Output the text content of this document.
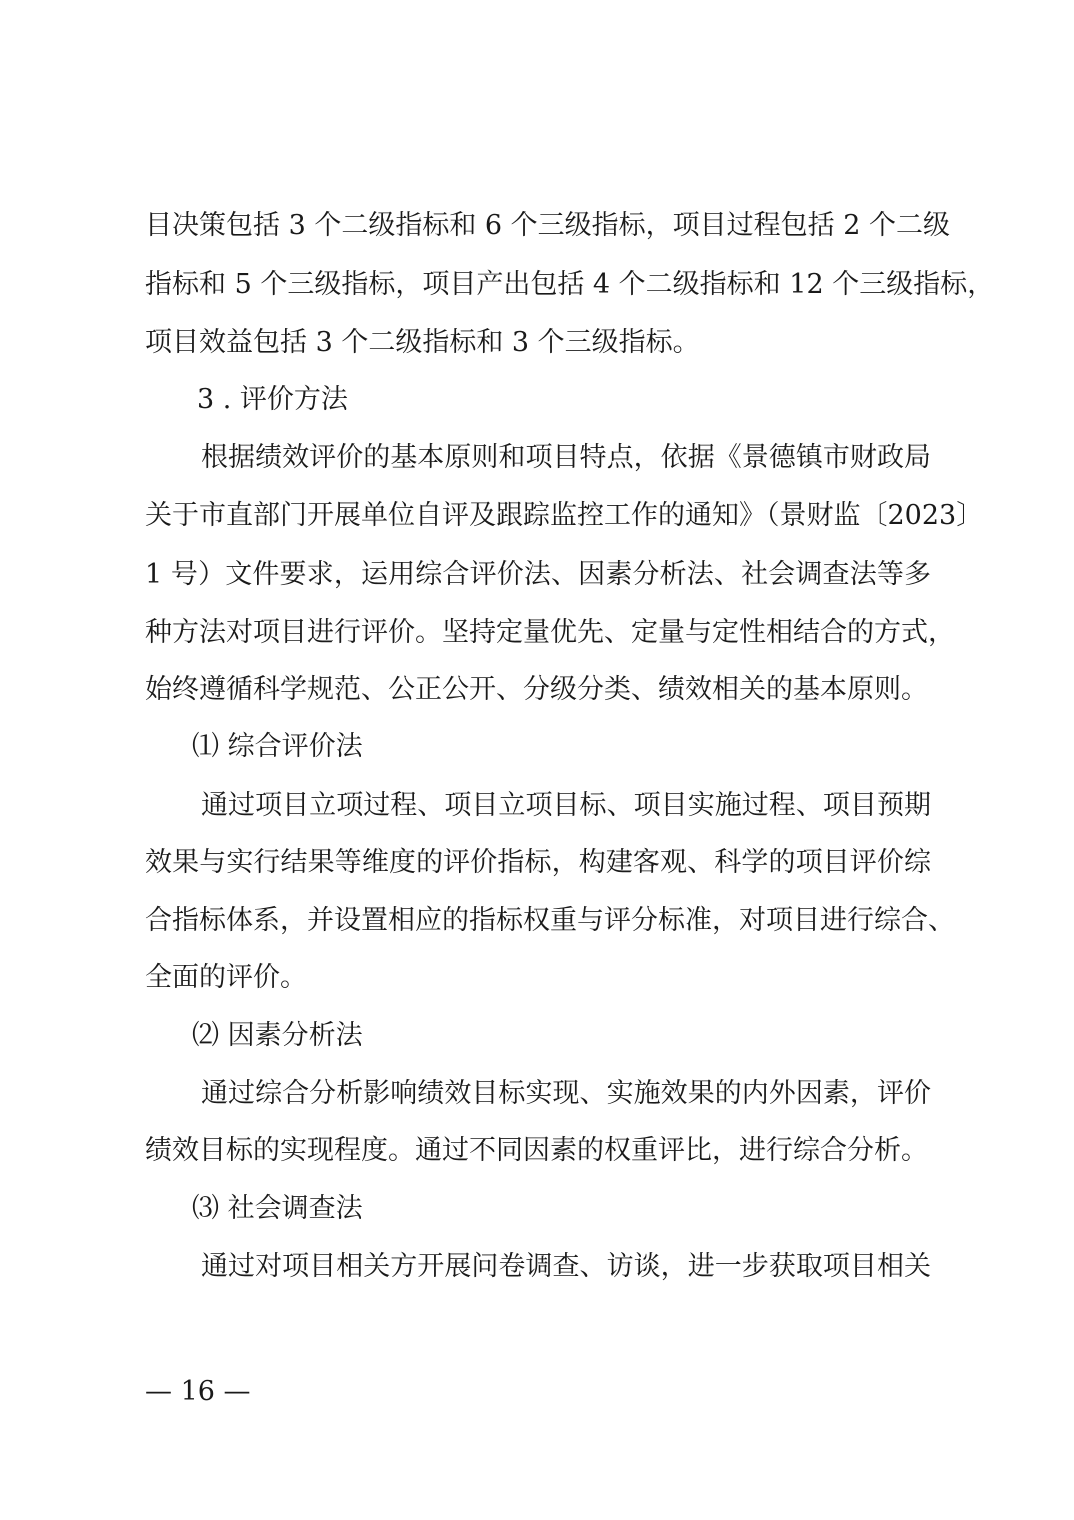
目决策包括 3 个二级指标和 6 个三级指标，项目过程包括 2 个二级
指标和 5 个三级指标，项目产出包括 4 个二级指标和 12 个三级指标，
项目效益包括 3 个二级指标和 3 个三级指标。
3 . 评价方法
根据绩效评价的基本原则和项目特点，依据《景德镇市财政局
关于市直部门开展单位自评及跟踪监控工作的通知》（景财监〔2023〕
1 号）文件要求，运用综合评价法、因素分析法、社会调查法等多
种方法对项目进行评价。坚持定量优先、定量与定性相结合的方式，
始终遵循科学规范、公正公开、分级分类、绩效相关的基本原则。
⑴ 综合评价法
通过项目立项过程、项目立项目标、项目实施过程、项目预期
效果与实行结果等维度的评价指标，构建客观、科学的项目评价综
合指标体系，并设置相应的指标权重与评分标准，对项目进行综合、
全面的评价。
⑵ 因素分析法
通过综合分析影响绩效目标实现、实施效果的内外因素，评价
绩效目标的实现程度。通过不同因素的权重评比，进行综合分析。
⑶ 社会调查法
通过对项目相关方开展问卷调查、访谈，进一步获取项目相关
— 16 —
